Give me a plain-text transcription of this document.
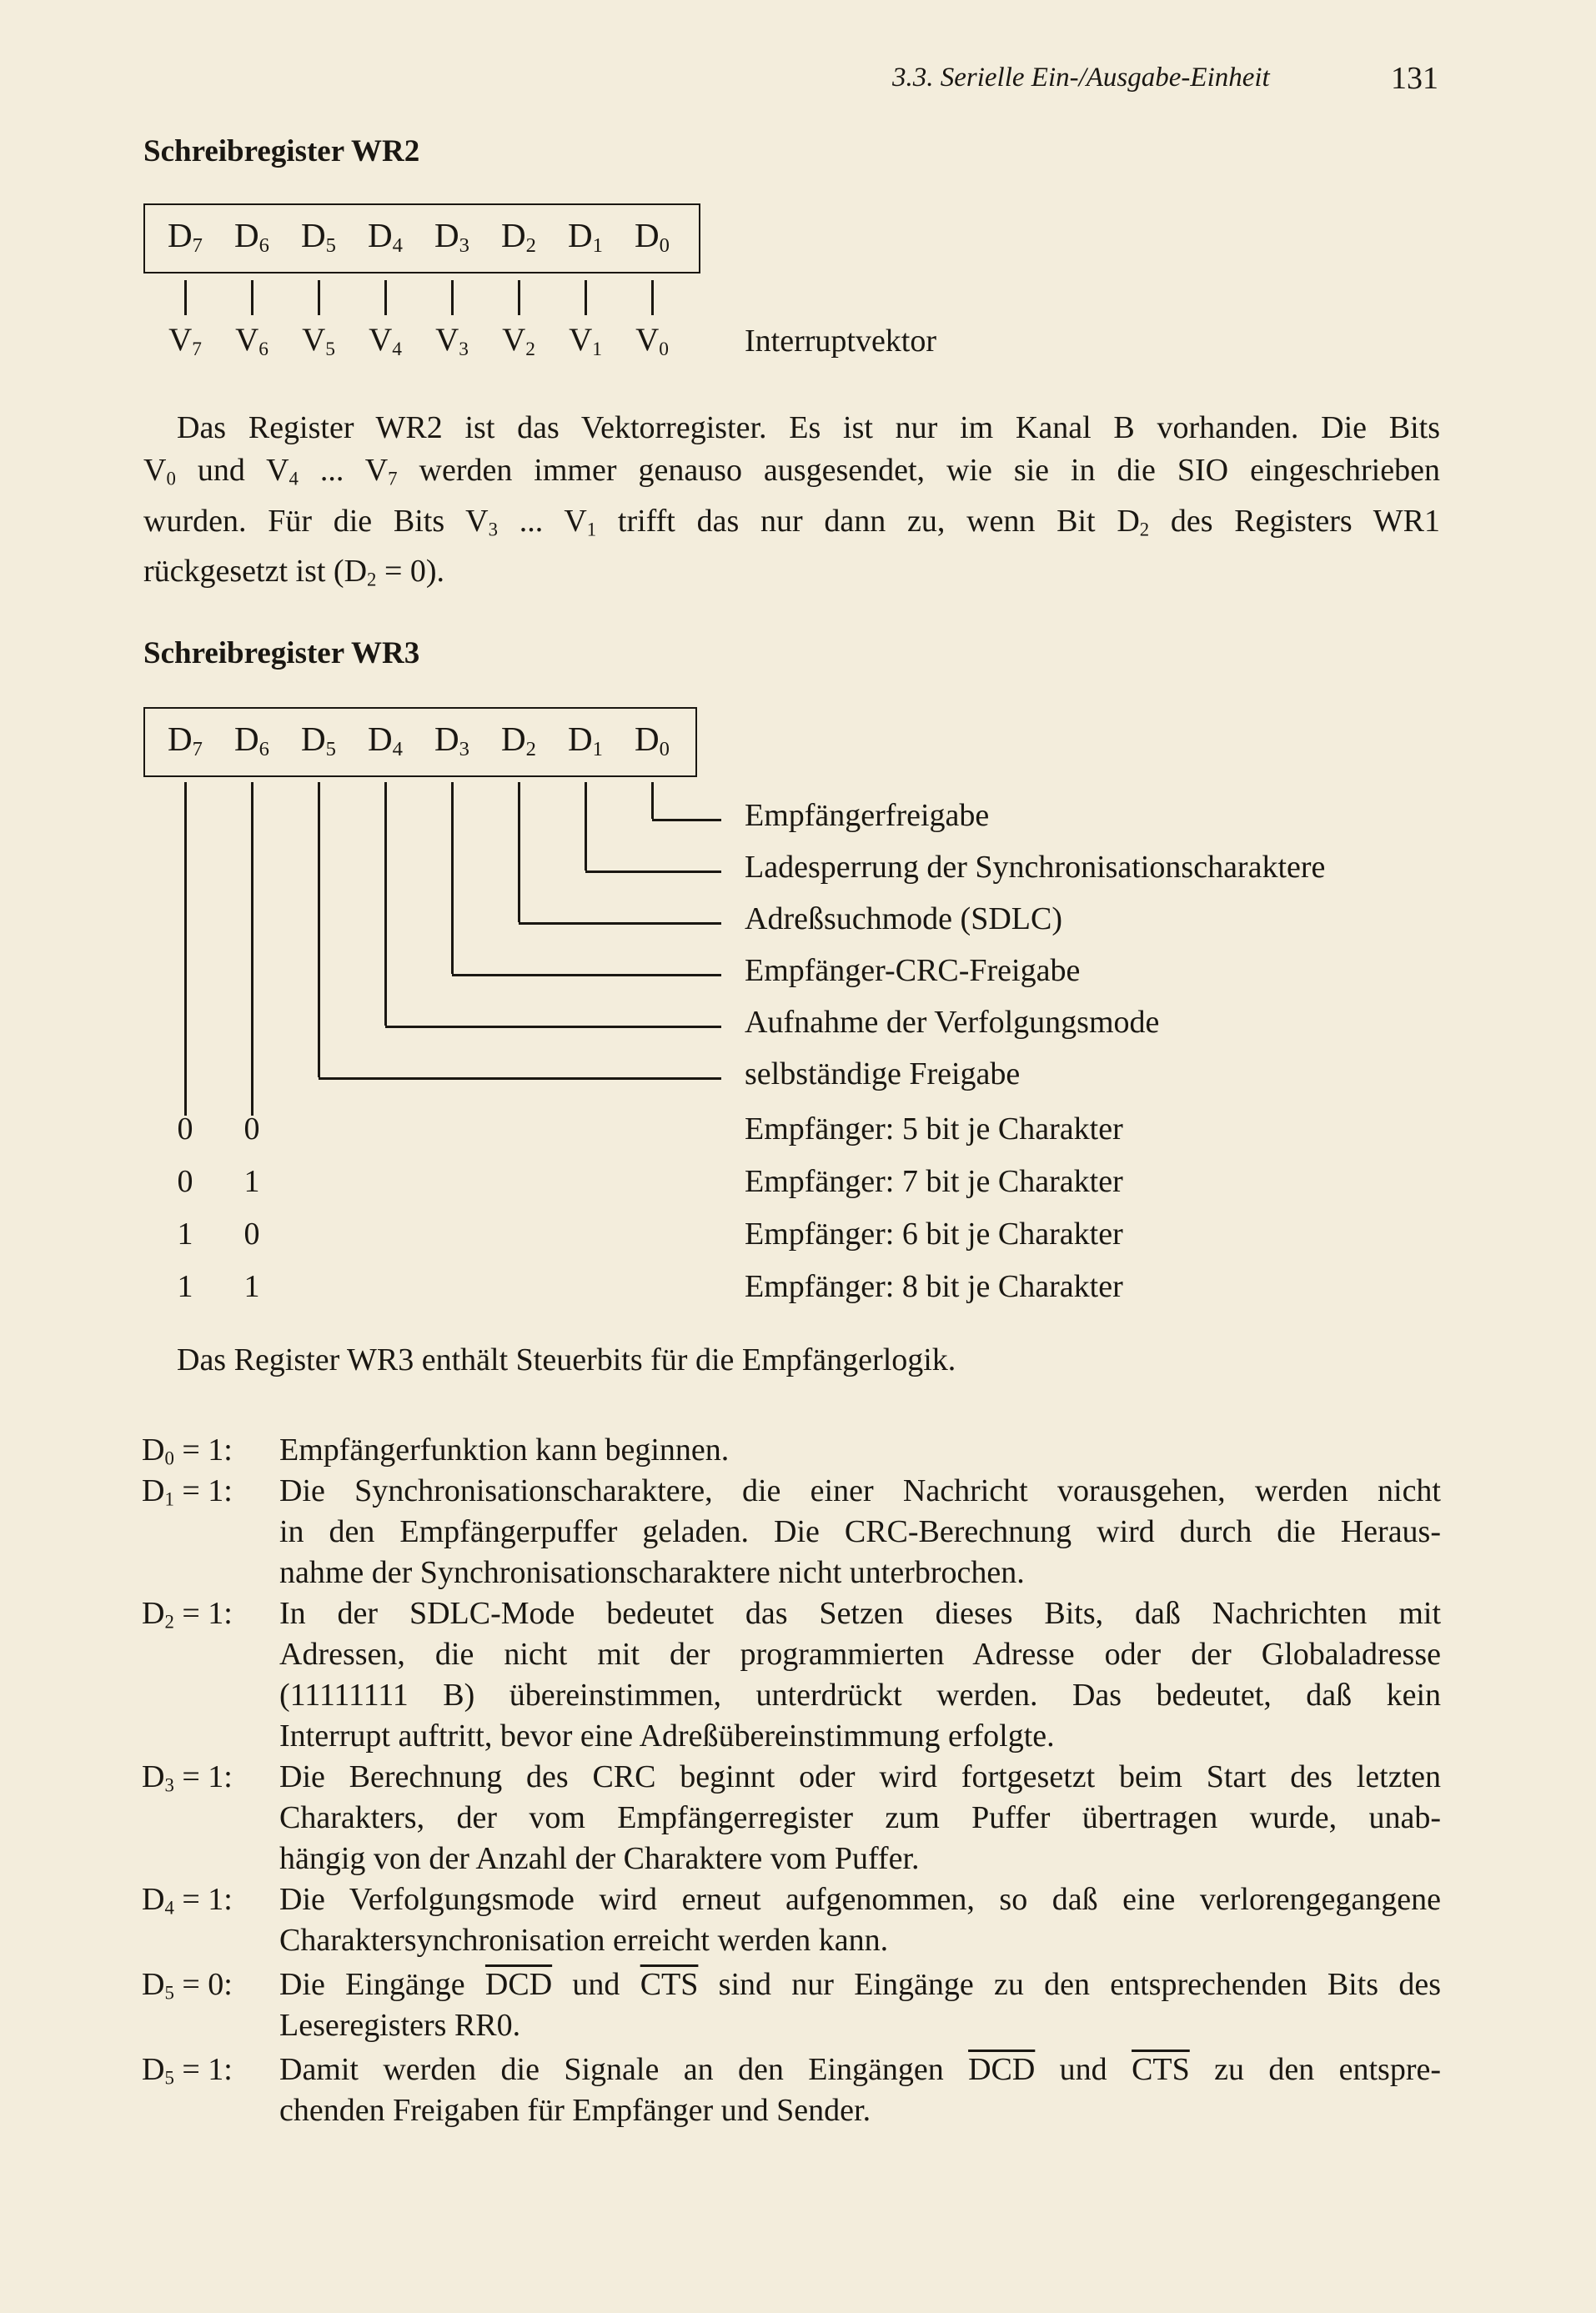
3.3. Serielle Ein-/Ausgabe-Einheit	131
Schreibregister WR2
$D_7$ $D_6$ $D_5$ $D_4$ $D_3$ $D_2$ $D_1$ $D_0$
$V_7$ $V_6$ $V_5$ $V_4$ $V_3$ $V_2$ $V_1$ $V_0$ Interruptvektor
Das Register WR2 ist das Vektorregister. Es ist nur im Kanal B vorhanden. Die Bits
$V_0$ und $V_4$ ... $V_7$ werden immer genauso ausgesendet, wie sie in die SIO eingeschrieben
wurden. Für die Bits $V_3$ ... $V_1$ trifft das nur dann zu, wenn Bit $D_2$ des Registers WR1
rückgesetzt ist $(D_2 = 0)$.
Schreibregister WR3
$D_7$ $D_6$ $D_5$ $D_4$ $D_3$ $D_2$ $D_1$ $D_0$
Empfängerfreigabe
Ladesperrung der Synchronisationscharaktere
Adreßsuchmode (SDLC)
Empfänger-CRC-Freigabe
Aufnahme der Verfolgungsmode
selbständige Freigabe
0 0	Empfänger: 5 bit je Charakter
0 1	Empfänger: 7 bit je Charakter
1 0	Empfänger: 6 bit je Charakter
1 1	Empfänger: 8 bit je Charakter
Das Register WR3 enthält Steuerbits für die Empfängerlogik.
$D_0 = 1$: Empfängerfunktion kann beginnen.
$D_1 = 1$: Die Synchronisationscharaktere, die einer Nachricht vorausgehen, werden nicht
in den Empfängerpuffer geladen. Die CRC-Berechnung wird durch die Heraus-
nahme der Synchronisationscharaktere nicht unterbrochen.
$D_2 = 1$: In der SDLC-Mode bedeutet das Setzen dieses Bits, daß Nachrichten mit
Adressen, die nicht mit der programmierten Adresse oder der Globaladresse
(11111111 B) übereinstimmen, unterdrückt werden. Das bedeutet, daß kein
Interrupt auftritt, bevor eine Adreßübereinstimmung erfolgte.
$D_3 = 1$: Die Berechnung des CRC beginnt oder wird fortgesetzt beim Start des letzten
Charakters, der vom Empfängerregister zum Puffer übertragen wurde, unab-
hängig von der Anzahl der Charaktere vom Puffer.
$D_4 = 1$: Die Verfolgungsmode wird erneut aufgenommen, so daß eine verlorengegangene
Charaktersynchronisation erreicht werden kann.
$D_5 = 0$: Die Eingänge $\overline{DCD}$ und $\overline{CTS}$ sind nur Eingänge zu den entsprechenden Bits des
Leseregisters RR0.
$D_5 = 1$: Damit werden die Signale an den Eingängen $\overline{DCD}$ und $\overline{CTS}$ zu den entspre-
chenden Freigaben für Empfänger und Sender.
